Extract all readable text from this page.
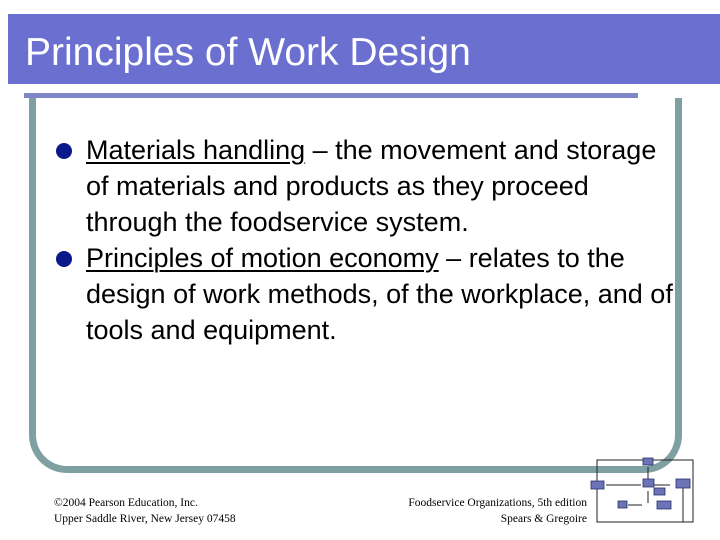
Principles of Work Design
Materials handling – the movement and storage of materials and products as they proceed through the foodservice system.
Principles of motion economy – relates to the design of work methods, of the workplace, and of tools and equipment.
©2004 Pearson Education, Inc.
Upper Saddle River, New Jersey 07458
Foodservice Organizations, 5th edition
Spears & Gregoire
